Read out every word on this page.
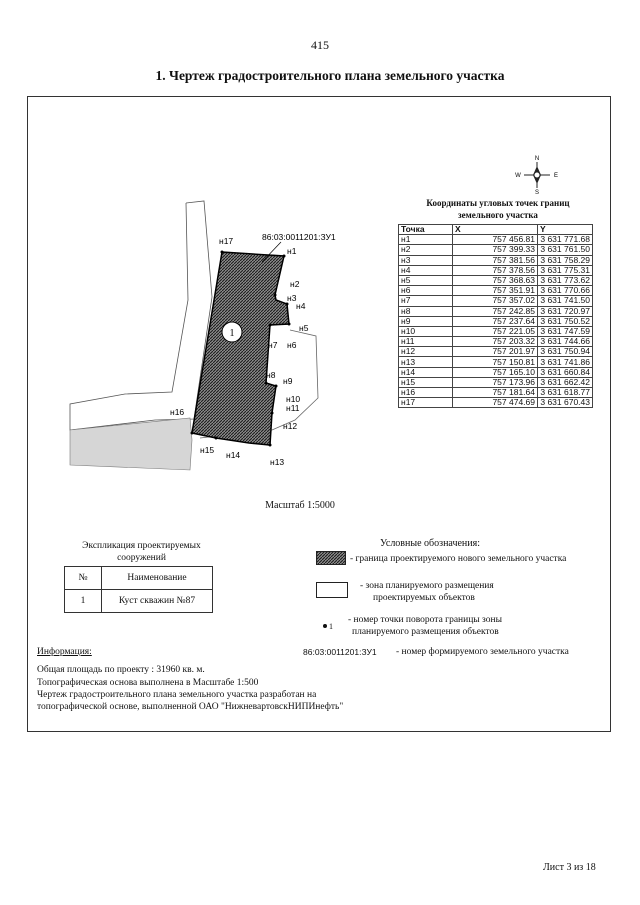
415
1. Чертеж градостроительного плана земельного участка
N
S
W	E
1
86:03:0011201:ЗУ1
н1
н2
н3
н4
н5
н6
н7
н8
н9
н10
н11
н12
н13
н14
н15
н16
н17
Координаты угловых точек границ
земельного участка
Точка	X	Y
н1	757 456.81	3 631 771.68
н2	757 399.33	3 631 761.50
н3	757 381.56	3 631 758.29
н4	757 378.56	3 631 775.31
н5	757 368.63	3 631 773.62
н6	757 351.91	3 631 770.66
н7	757 357.02	3 631 741.50
н8	757 242.85	3 631 720.97
н9	757 237.64	3 631 750.52
н10	757 221.05	3 631 747.59
н11	757 203.32	3 631 744.66
н12	757 201.97	3 631 750.94
н13	757 150.81	3 631 741.86
н14	757 165.10	3 631 660.84
н15	757 173.96	3 631 662.42
н16	757 181.64	3 631 618.77
н17	757 474.69	3 631 670.43
Масштаб 1:5000
Экспликация проектируемых
сооружений
№	Наименование
1	Куст скважин №87
Условные обозначения:
- граница проектируемого нового земельного участка
- зона планируемого размещения
проектируемых объектов
1
- номер точки поворота границы зоны
планируемого размещения объектов
Информация:	86:03:0011201:ЗУ1 - номер формируемого земельного участка
Общая площадь по проекту : 31960 кв. м.
Топографическая основа выполнена в Масштабе 1:500
Чертеж градостроительного плана земельного участка разработан на
топографической основе, выполненной ОАО "НижневартовскНИПИнефть"
Лист 3 из 18
